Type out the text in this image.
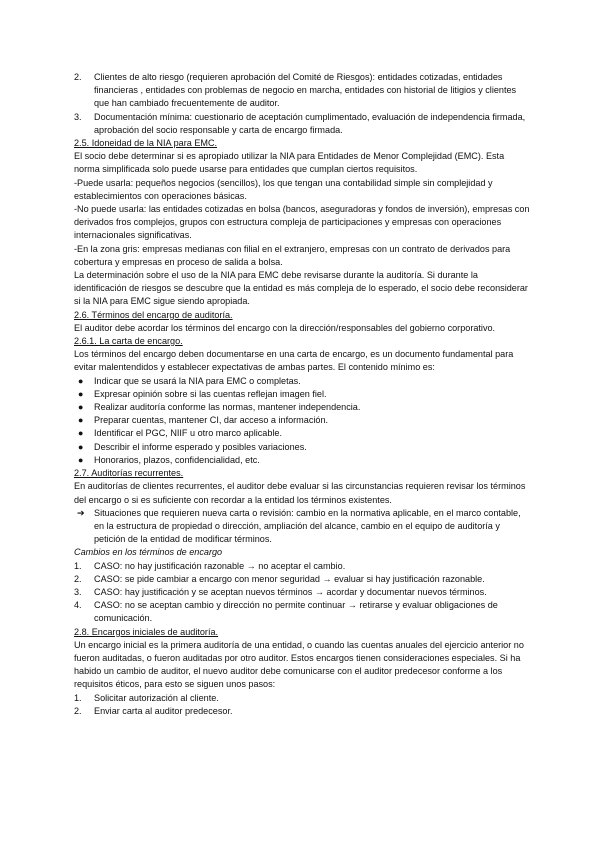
2. Clientes de alto riesgo (requieren aprobación del Comité de Riesgos): entidades cotizadas, entidades financieras , entidades con problemas de negocio en marcha, entidades con historial de litigios y clientes que han cambiado frecuentemente de auditor.
3. Documentación mínima: cuestionario de aceptación cumplimentado, evaluación de independencia firmada, aprobación del socio responsable y carta de encargo firmada.

2.5. Idoneidad de la NIA para EMC.

El socio debe determinar si es apropiado utilizar la NIA para Entidades de Menor Complejidad (EMC). Esta norma simplificada solo puede usarse para entidades que cumplan ciertos requisitos.

-Puede usarla: pequeños negocios (sencillos), los que tengan una contabilidad simple sin complejidad y establecimientos con operaciones básicas.

-No puede usarla: las entidades cotizadas en bolsa (bancos, aseguradoras y fondos de inversión), empresas con derivados fros complejos, grupos con estructura compleja de participaciones y empresas con operaciones internacionales significativas.

-En la zona gris: empresas medianas con filial en el extranjero, empresas con un contrato de derivados para cobertura y empresas en proceso de salida a bolsa.

La determinación sobre el uso de la NIA para EMC debe revisarse durante la auditoría. Si durante la identificación de riesgos se descubre que la entidad es más compleja de lo esperado, el socio debe reconsiderar si la NIA para EMC sigue siendo apropiada.

2.6. Términos del encargo de auditoría.

El auditor debe acordar los términos del encargo con la dirección/responsables del gobierno corporativo.

2.6.1. La carta de encargo.

Los términos del encargo deben documentarse en una carta de encargo, es un documento fundamental para evitar malentendidos y establecer expectativas de ambas partes. El contenido mínimo es:

● Indicar que se usará la NIA para EMC o completas.
● Expresar opinión sobre si las cuentas reflejan imagen fiel.
● Realizar auditoría conforme las normas, mantener independencia.
● Preparar cuentas, mantener CI, dar acceso a información.
● Identificar el PGC, NIIF u otro marco aplicable.
● Describir el informe esperado y posibles variaciones.
● Honorarios, plazos, confidencialidad, etc.

2.7. Auditorías recurrentes.

En auditorías de clientes recurrentes, el auditor debe evaluar si las circunstancias requieren revisar los términos del encargo o si es suficiente con recordar a la entidad los términos existentes.

➔ Situaciones que requieren nueva carta o revisión: cambio en la normativa aplicable, en el marco contable, en la estructura de propiedad o dirección, ampliación del alcance, cambio en el equipo de auditoría y petición de la entidad de modificar términos.

Cambios en los términos de encargo

1. CASO: no hay justificación razonable → no aceptar el cambio.
2. CASO: se pide cambiar a encargo con menor seguridad → evaluar si hay justificación razonable.
3. CASO: hay justificación y se aceptan nuevos términos → acordar y documentar nuevos términos.
4. CASO: no se aceptan cambio y dirección no permite continuar → retirarse y evaluar obligaciones de comunicación.

2.8. Encargos iniciales de auditoría.

Un encargo inicial es la primera auditoría de una entidad, o cuando las cuentas anuales del ejercicio anterior no fueron auditadas, o fueron auditadas por otro auditor. Estos encargos tienen consideraciones especiales. Si ha habido un cambio de auditor, el nuevo auditor debe comunicarse con el auditor predecesor conforme a los requisitos éticos, para esto se siguen unos pasos:

1. Solicitar autorización al cliente.
2. Enviar carta al auditor predecesor.
